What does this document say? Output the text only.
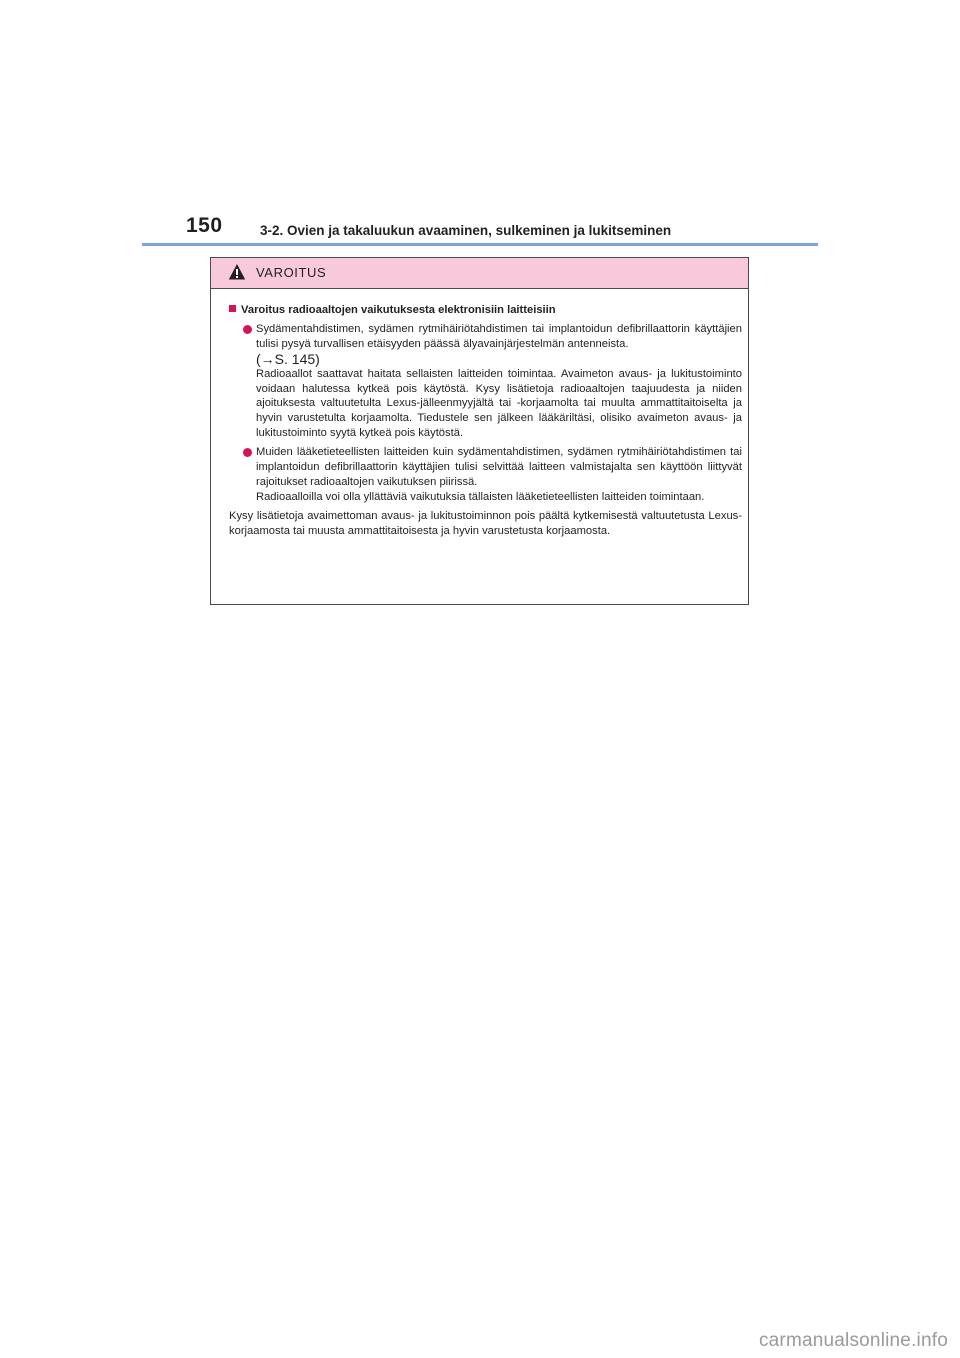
150	3-2. Ovien ja takaluukun avaaminen, sulkeminen ja lukitseminen
VAROITUS
Varoitus radioaaltojen vaikutuksesta elektronisiin laitteisiin

Sydämentahdistimen, sydämen rytmihäiriötahdistimen tai implantoidun defibrillaattorin käyttäjien tulisi pysyä turvallisen etäisyyden päässä älyavainjärjestelmän antenneista.

(→S. 145)

Radioaallot saattavat haitata sellaisten laitteiden toimintaa. Avaimeton avaus- ja lukitustoiminto voidaan halutessa kytkeä pois käytöstä. Kysy lisätietoja radioaaltojen taajuudesta ja niiden ajoituksesta valtuutetulta Lexus-jälleenmyyjältä tai -korjaamolta tai muulta ammattitaitoiselta ja hyvin varustetulta korjaamolta. Tiedustele sen jälkeen lääkäriltäsi, olisiko avaimeton avaus- ja lukitustoiminto syytä kytkeä pois käytöstä.

Muiden lääketieteellisten laitteiden kuin sydämentahdistimen, sydämen rytmihäiriötahdistimen tai implantoidun defibrillaattorin käyttäjien tulisi selvittää laitteen valmistajalta sen käyttöön liittyvät rajoitukset radioaaltojen vaikutuksen piirissä.

Radioaalloilla voi olla yllättäviä vaikutuksia tällaisten lääketieteellisten laitteiden toimintaan.

Kysy lisätietoja avaimettoman avaus- ja lukitustoiminnon pois päältä kytkemisestä valtuutetusta Lexus-korjaamosta tai muusta ammattitaitoisesta ja hyvin varustetusta korjaamosta.

carmanualsonline.info
